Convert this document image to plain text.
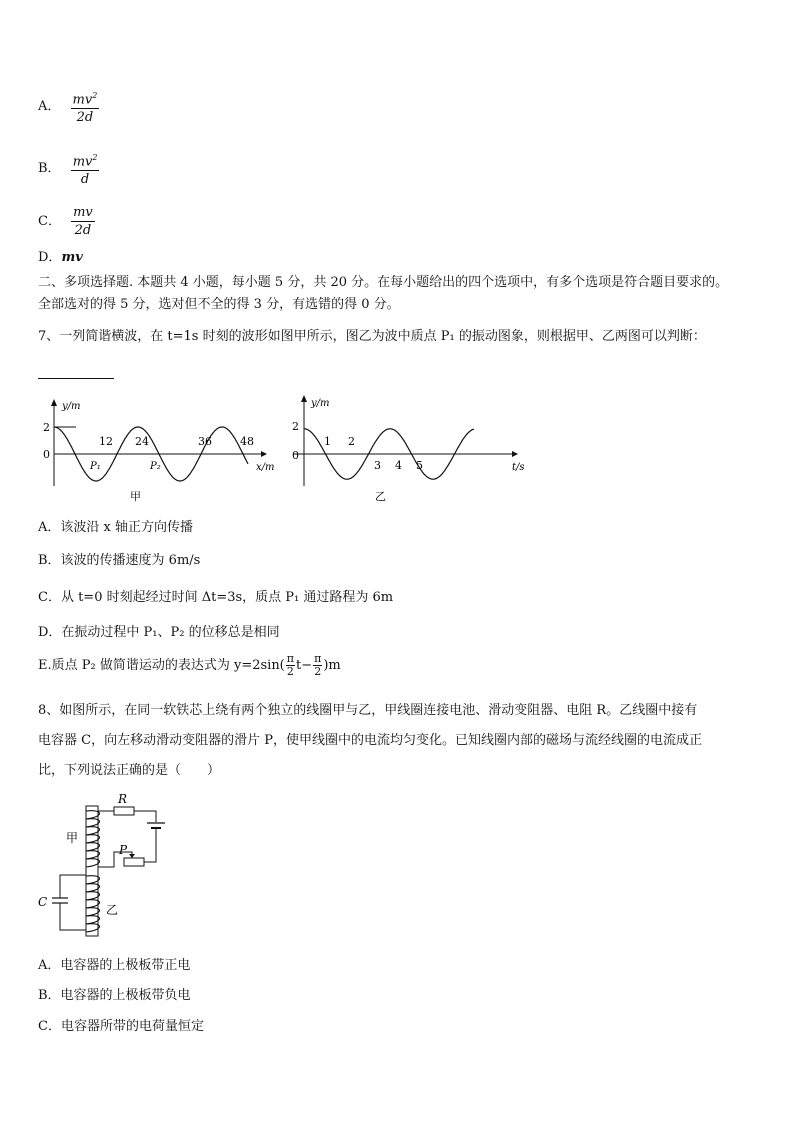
A． $\frac{mv^2}{2d}$
B． $\frac{mv^2}{d}$
C． $\frac{mv}{2d}$
D．mv
二、多项选择题. 本题共 4 小题，每小题 5 分，共 20 分。在每小题给出的四个选项中，有多个选项是符合题目要求的。
全部选对的得 5 分，选对但不全的得 3 分，有选错的得 0 分。
7、一列简谐横波，在 t=1s 时刻的波形如图甲所示，图乙为波中质点 P₁ 的振动图象，则根据甲、乙两图可以判断：
y/m
2
0
12 24	36	48
P₁	P₂	x/m
甲
y/m
2
0
1 2
3 4 5	t/s
乙
A．该波沿 x 轴正方向传播
B．该波的传播速度为 6m/s
C．从 t=0 时刻起经过时间 Δt=3s，质点 P₁ 通过路程为 6m
D．在振动过程中 P₁、P₂ 的位移总是相同
E.质点 P₂ 做简谐运动的表达式为 $y=2\sin( \frac{\pi}{2} t- \frac{\pi}{2} )m$
8、如图所示，在同一软铁芯上绕有两个独立的线圈甲与乙，甲线圈连接电池、滑动变阻器、电阻 R。乙线圈中接有
电容器 C，向左移动滑动变阻器的滑片 P，使甲线圈中的电流均匀变化。已知线圈内部的磁场与流经线圈的电流成正
比，下列说法正确的是（　　）
R
P
C
甲
乙
A．电容器的上极板带正电
B．电容器的上极板带负电
C．电容器所带的电荷量恒定
